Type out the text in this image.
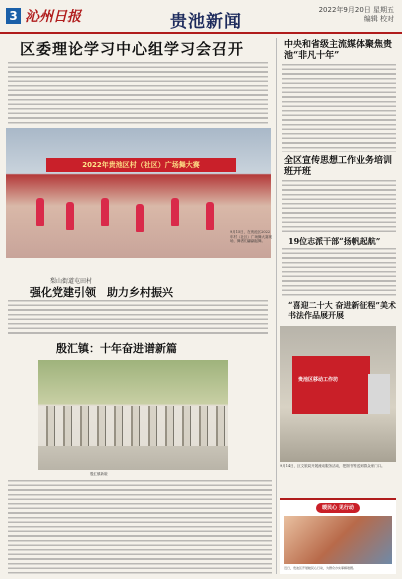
3 沁州日报	贵池新闻
2022年9月20日 星期五
编辑 校对
区委理论学习中心组学习会召开
2022年贵池区村（社区）广场舞大赛
9月15日，在贵池区2022年村（社区）广场舞大赛现场，舞者们翩翩起舞。
梨山街道屯田村
强化党建引领　助力乡村振兴
殷汇镇：十年奋进谱新篇
殷汇镇新貌
中央和省级主流媒体聚焦贵池“非凡十年”
全区宣传思想工作业务培训班开班
19位志派干部“扬帆起航”
“喜迎二十大 奋进新征程”美术书法作品展开展
贵池区移动工作坊
9月14日，区文旅局开展流动服务活动，把图书等送到群众家门口。
暖民心 见行动
近日，贵池区开展暖民心行动，为群众办实事解难题。
